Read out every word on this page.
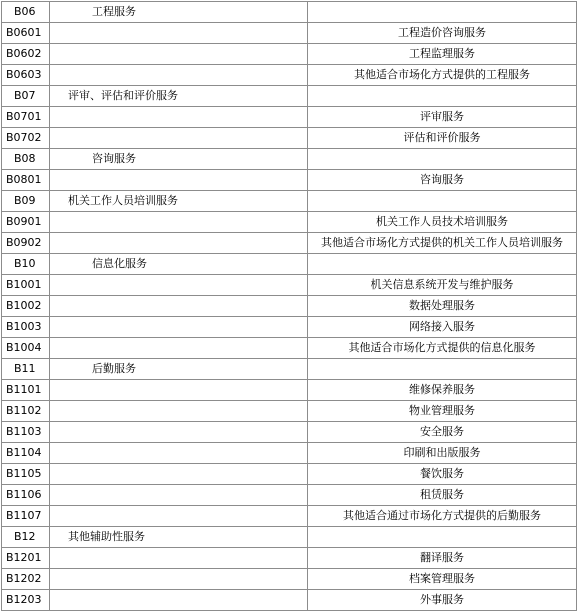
B06	工程服务	
B0601		工程造价咨询服务
B0602		工程监理服务
B0603		其他适合市场化方式提供的工程服务
B07	评审、评估和评价服务	
B0701		评审服务
B0702		评估和评价服务
B08	咨询服务	
B0801		咨询服务
B09	机关工作人员培训服务	
B0901		机关工作人员技术培训服务
B0902		其他适合市场化方式提供的机关工作人员培训服务
B10	信息化服务	
B1001		机关信息系统开发与维护服务
B1002		数据处理服务
B1003		网络接入服务
B1004		其他适合市场化方式提供的信息化服务
B11	后勤服务	
B1101		维修保养服务
B1102		物业管理服务
B1103		安全服务
B1104		印刷和出版服务
B1105		餐饮服务
B1106		租赁服务
B1107		其他适合通过市场化方式提供的后勤服务
B12	其他辅助性服务	
B1201		翻译服务
B1202		档案管理服务
B1203		外事服务
